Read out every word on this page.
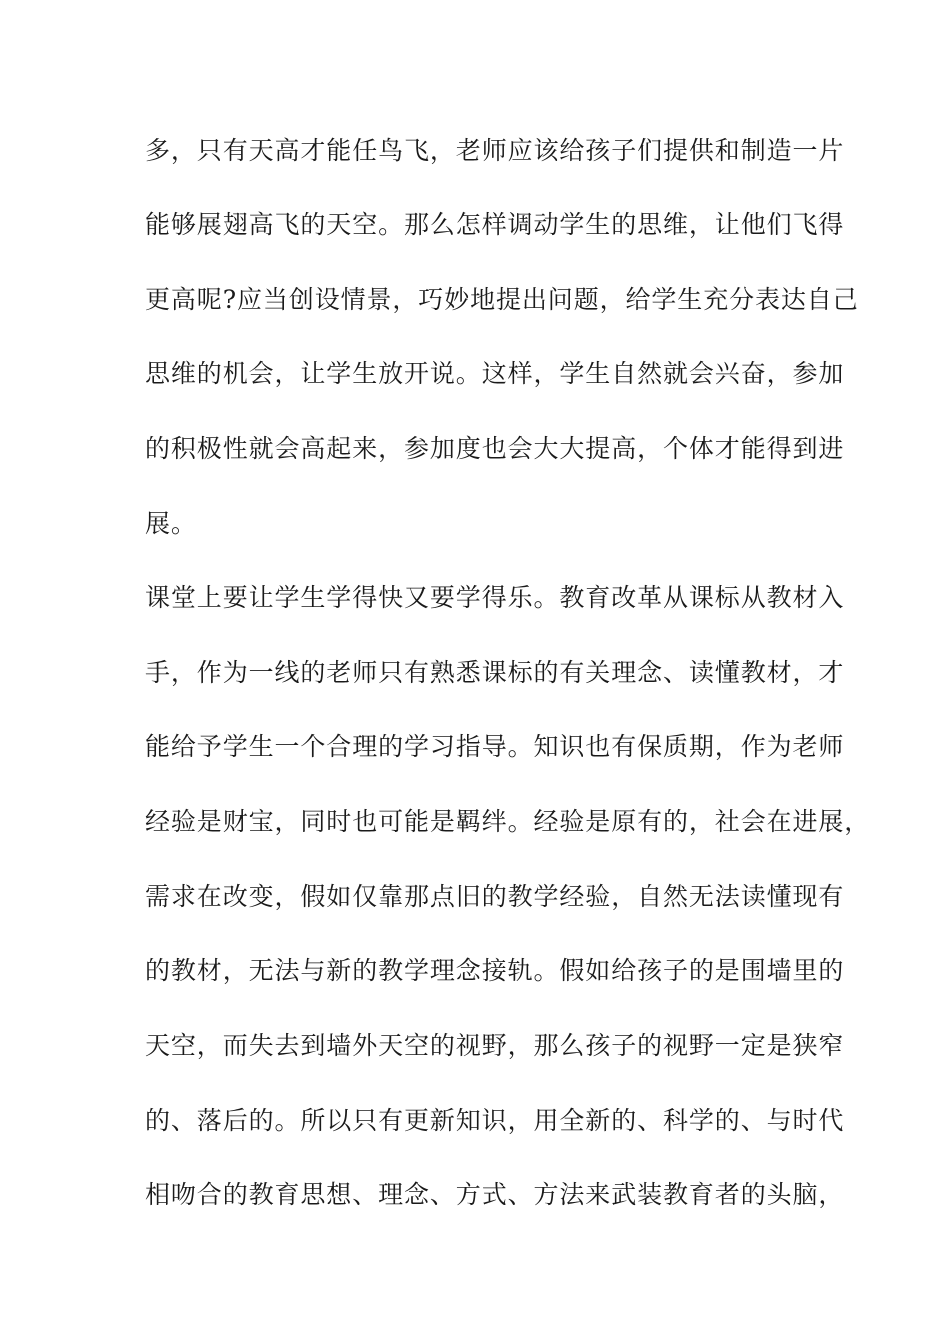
多，只有天高才能任鸟飞，老师应该给孩子们提供和制造一片
能够展翅高飞的天空。那么怎样调动学生的思维，让他们飞得
更高呢?应当创设情景，巧妙地提出问题，给学生充分表达自己
思维的机会，让学生放开说。这样，学生自然就会兴奋，参加
的积极性就会高起来，参加度也会大大提高，个体才能得到进
展。
课堂上要让学生学得快又要学得乐。教育改革从课标从教材入
手，作为一线的老师只有熟悉课标的有关理念、读懂教材，才
能给予学生一个合理的学习指导。知识也有保质期，作为老师
经验是财宝，同时也可能是羁绊。经验是原有的，社会在进展，
需求在改变，假如仅靠那点旧的教学经验，自然无法读懂现有
的教材，无法与新的教学理念接轨。假如给孩子的是围墙里的
天空，而失去到墙外天空的视野，那么孩子的视野一定是狭窄
的、落后的。所以只有更新知识，用全新的、科学的、与时代
相吻合的教育思想、理念、方式、方法来武装教育者的头脑，
